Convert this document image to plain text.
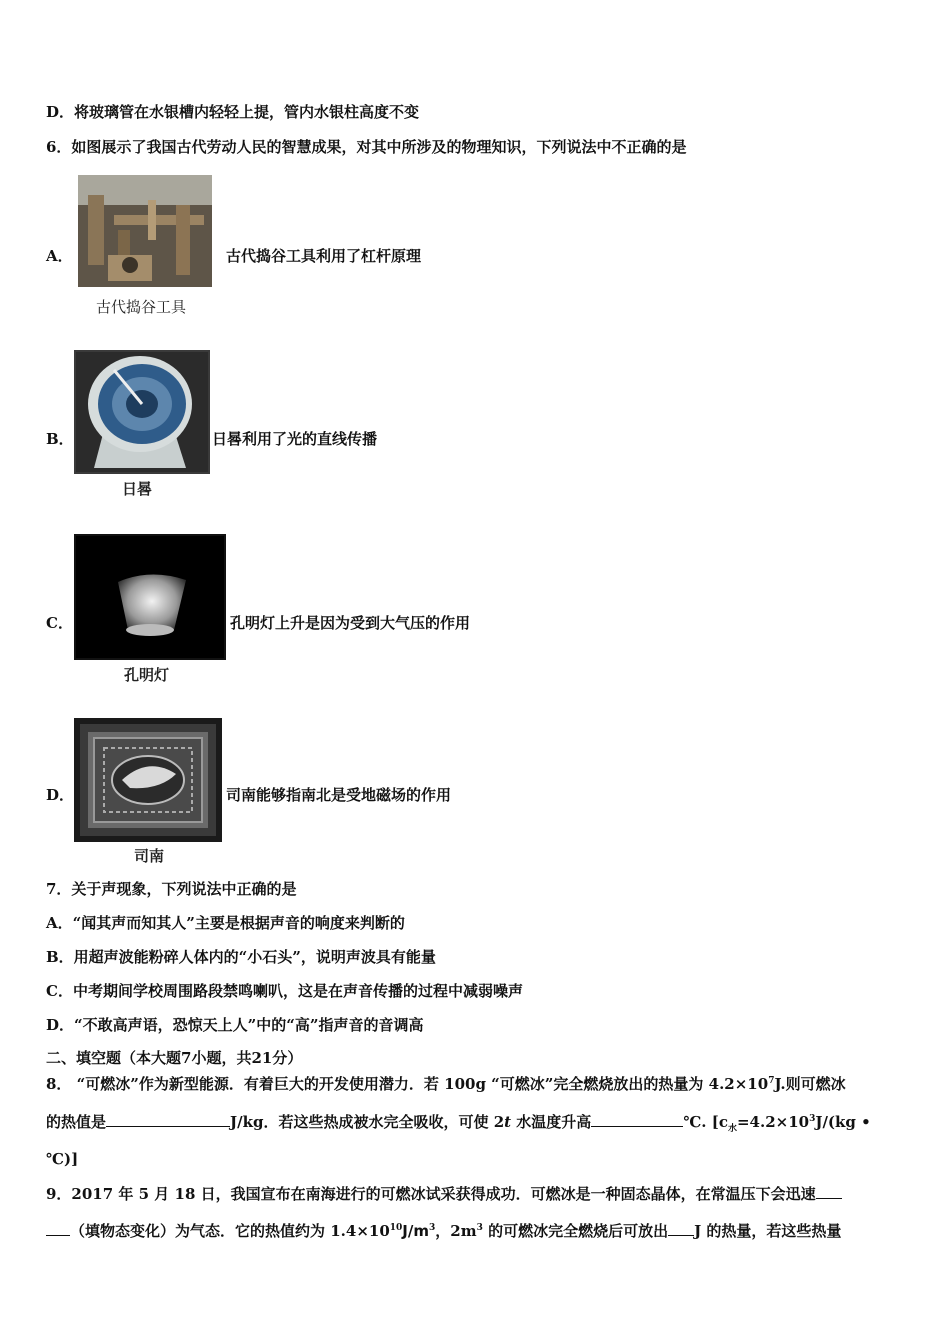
D．将玻璃管在水银槽内轻轻上提，管内水银柱高度不变
6．如图展示了我国古代劳动人民的智慧成果，对其中所涉及的物理知识，下列说法中不正确的是
A．
古代捣谷工具
古代捣谷工具利用了杠杆原理
B．
日晷
日晷利用了光的直线传播
C．
孔明灯
孔明灯上升是因为受到大气压的作用
D．
司南
司南能够指南北是受地磁场的作用
7．关于声现象，下列说法中正确的是
A．“闻其声而知其人”主要是根据声音的响度来判断的
B．用超声波能粉碎人体内的“小石头”，说明声波具有能量
C．中考期间学校周围路段禁鸣喇叭，这是在声音传播的过程中减弱噪声
D．“不敢高声语，恐惊天上人”中的“高”指声音的音调高
二、填空题（本大题7小题，共21分）
8． “可燃冰”作为新型能源．有着巨大的开发使用潜力．若 100g “可燃冰”完全燃烧放出的热量为 $4.2\times 10^7J$.则可燃冰
的热值是	J/kg．若这些热成被水完全吸收，可使 2t 水温度升高	℃. [$c_水=4.2\times 10^3J/(kg$ •
℃)]
9．2017 年 5 月 18 日，我国宣布在南海进行的可燃冰试采获得成功．可燃冰是一种固态晶体，在常温压下会迅速
（填物态变化）为气态．它的热值约为 $1.4\times 10^{10}J/m^3$，$2m^3$ 的可燃冰完全燃烧后可放出 J 的热量，若这些热量
